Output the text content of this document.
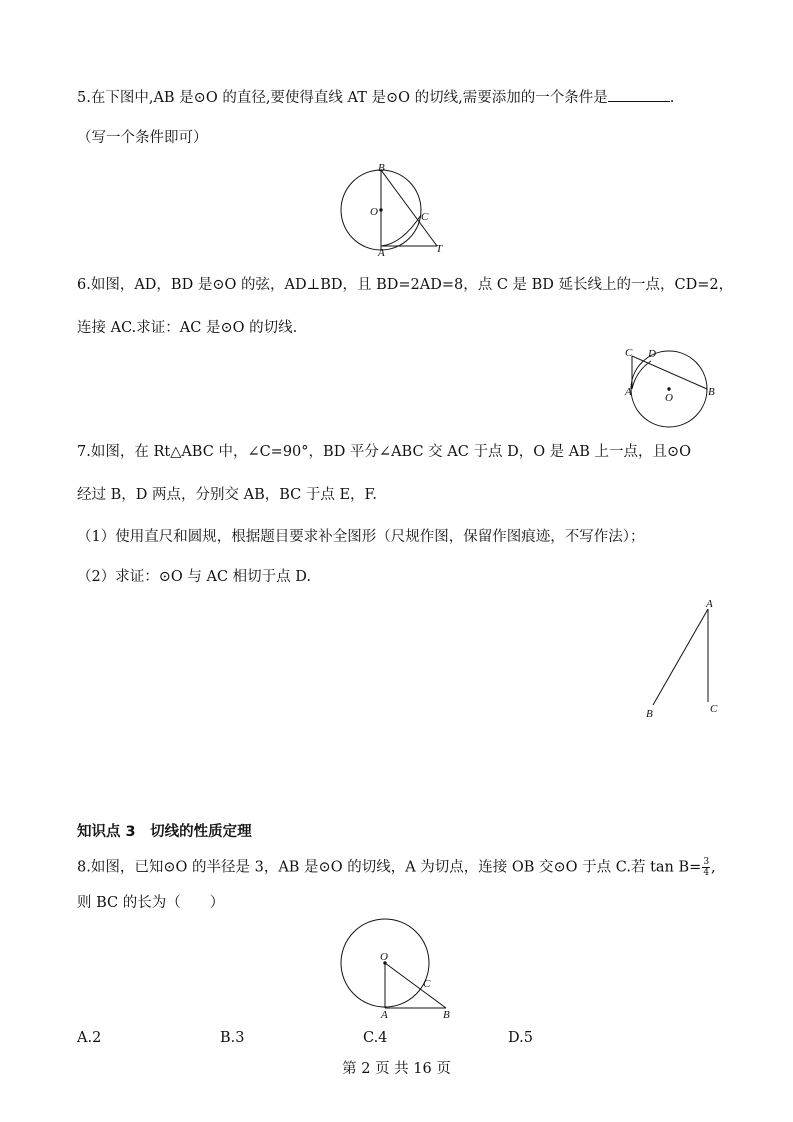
5.在下图中,AB 是⊙O 的直径,要使得直线 AT 是⊙O 的切线,需要添加的一个条件是	.
（写一个条件即可）
B
O	C
A	T
6.如图，AD，BD 是⊙O 的弦，AD⊥BD，且 BD=2AD=8，点 C 是 BD 延长线上的一点，CD=2，
连接 AC.求证：AC 是⊙O 的切线.
C D
A	O	B
7.如图，在 Rt△ABC 中，∠C=90°，BD 平分∠ABC 交 AC 于点 D，O 是 AB 上一点，且⊙O
经过 B，D 两点，分别交 AB，BC 于点 E，F.
（1）使用直尺和圆规，根据题目要求补全图形（尺规作图，保留作图痕迹，不写作法）；
（2）求证：⊙O 与 AC 相切于点 D.
A
B	C
知识点 3　切线的性质定理
8.如图，已知⊙O 的半径是 3，AB 是⊙O 的切线，A 为切点，连接 OB 交⊙O 于点 C.若 $\tan B= \frac{3}{4}$ ,
则 BC 的长为（　　）
O
C
A	B
A.2	B.3	C.4	D.5
第 2 页 共 16 页
